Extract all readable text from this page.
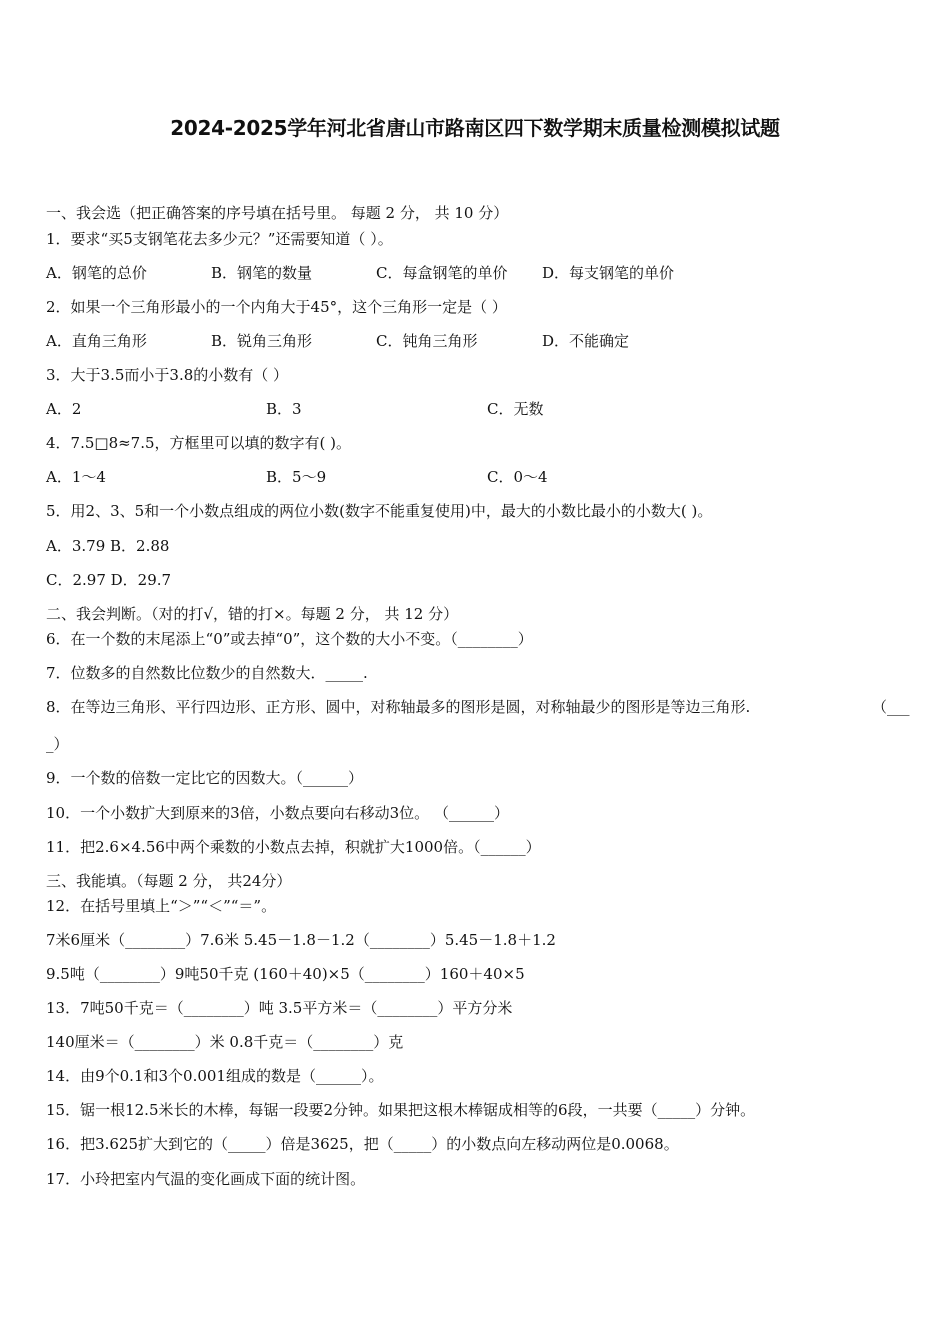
2024-2025学年河北省唐山市路南区四下数学期末质量检测模拟试题
一、我会选（把正确答案的序号填在括号里。 每题 2 分， 共 10 分）
1．要求“买5支钢笔花去多少元？”还需要知道（ ）。
A．钢笔的总价	B．钢笔的数量	C．每盒钢笔的单价 D．每支钢笔的单价
2．如果一个三角形最小的一个内角大于45°，这个三角形一定是（ ）
A．直角三角形	B．锐角三角形	C．钝角三角形	D．不能确定
3．大于3.5而小于3.8的小数有（ ）
A．2	B．3	C．无数
4．7.5□8≈7.5，方框里可以填的数字有( )。
A．1～4	B．5～9	C．0～4
5．用2、3、5和一个小数点组成的两位小数(数字不能重复使用)中，最大的小数比最小的小数大( )。
A．3.79 B．2.88
C．2.97 D．29.7
二、我会判断。（对的打√，错的打×。每题 2 分， 共 12 分）
6．在一个数的末尾添上“0”或去掉“0”，这个数的大小不变。（________）
7．位数多的自然数比位数少的自然数大．_____.
8．在等边三角形、平行四边形、正方形、圆中，对称轴最多的图形是圆，对称轴最少的图形是等边三角形.	（___
_）
9．一个数的倍数一定比它的因数大。（______）
10．一个小数扩大到原来的3倍，小数点要向右移动3位。 （______）
11．把2.6×4.56中两个乘数的小数点去掉，积就扩大1000倍。（______）
三、我能填。（每题 2 分， 共24分）
12．在括号里填上“＞”“＜”“＝”。
7米6厘米（________）7.6米 5.45－1.8－1.2（________）5.45－1.8＋1.2
9.5吨（________）9吨50千克 (160＋40)×5（________）160＋40×5
13．7吨50千克＝（________）吨 3.5平方米＝（________）平方分米
140厘米＝（________）米 0.8千克＝（________）克
14．由9个0.1和3个0.001组成的数是（______）。
15．锯一根12.5米长的木棒，每锯一段要2分钟。如果把这根木棒锯成相等的6段，一共要（_____）分钟。
16．把3.625扩大到它的（_____）倍是3625，把（_____）的小数点向左移动两位是0.0068。
17．小玲把室内气温的变化画成下面的统计图。
